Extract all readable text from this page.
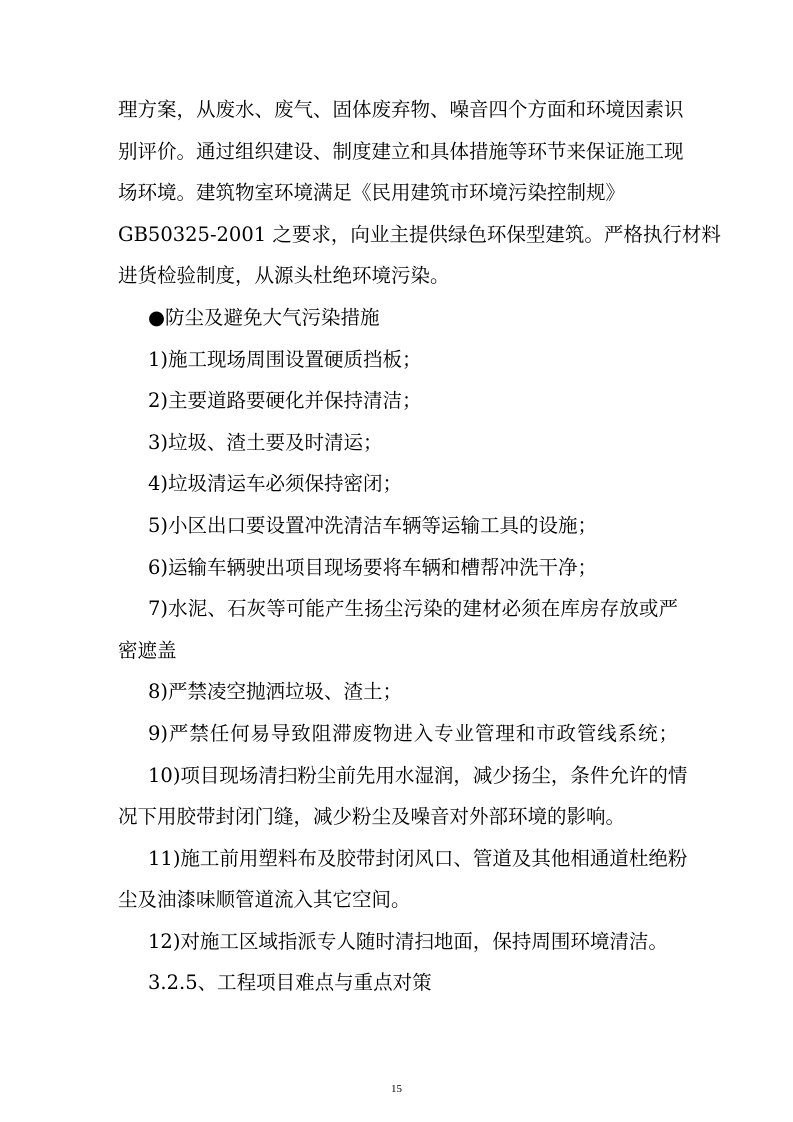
理方案，从废水、废气、固体废弃物、噪音四个方面和环境因素识
别评价。通过组织建设、制度建立和具体措施等环节来保证施工现
场环境。建筑物室环境满足《民用建筑市环境污染控制规》
GB50325-2001 之要求，向业主提供绿色环保型建筑。严格执行材料
进货检验制度，从源头杜绝环境污染。
●防尘及避免大气污染措施
1)施工现场周围设置硬质挡板；
2)主要道路要硬化并保持清洁；
3)垃圾、渣土要及时清运；
4)垃圾清运车必须保持密闭；
5)小区出口要设置冲洗清洁车辆等运输工具的设施；
6)运输车辆驶出项目现场要将车辆和槽帮冲洗干净；
7)水泥、石灰等可能产生扬尘污染的建材必须在库房存放或严
密遮盖
8)严禁凌空抛洒垃圾、渣土；
9)严禁任何易导致阻滞废物进入专业管理和市政管线系统；
10)项目现场清扫粉尘前先用水湿润，减少扬尘，条件允许的情
况下用胶带封闭门缝，减少粉尘及噪音对外部环境的影响。
11)施工前用塑料布及胶带封闭风口、管道及其他相通道杜绝粉
尘及油漆味顺管道流入其它空间。
12)对施工区域指派专人随时清扫地面，保持周围环境清洁。
3.2.5、工程项目难点与重点对策
15
